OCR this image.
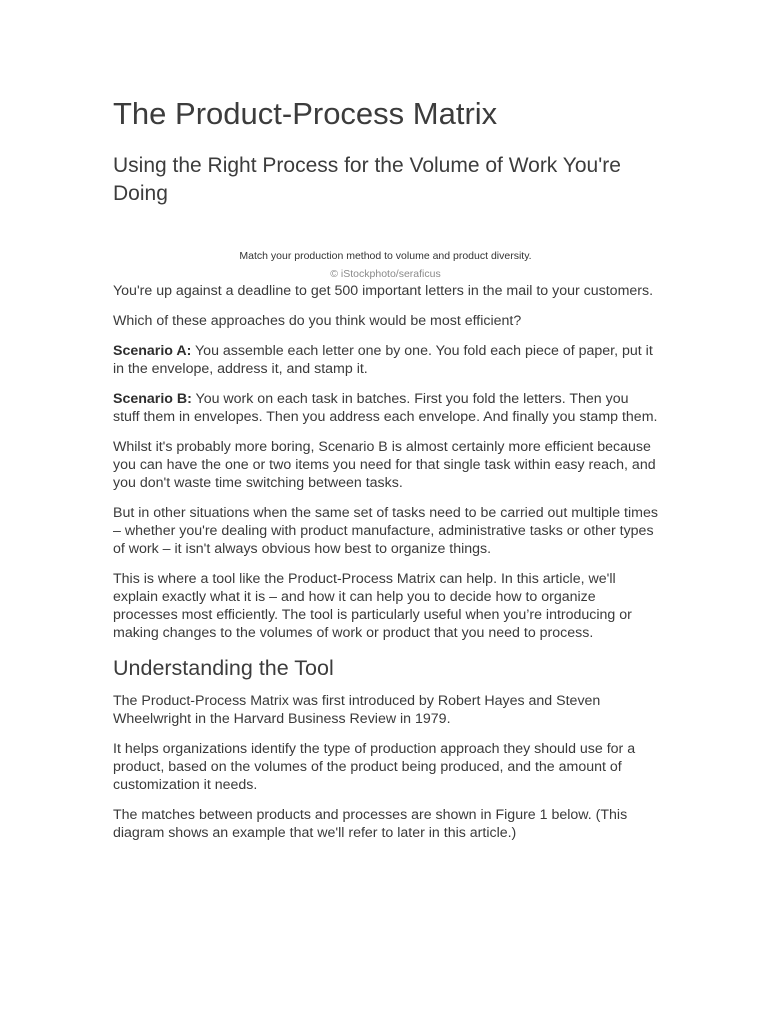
The Product-Process Matrix
Using the Right Process for the Volume of Work You're Doing
Match your production method to volume and product diversity.
© iStockphoto/seraficus

You're up against a deadline to get 500 important letters in the mail to your customers.

Which of these approaches do you think would be most efficient?

Scenario A: You assemble each letter one by one. You fold each piece of paper, put it in the envelope, address it, and stamp it.

Scenario B: You work on each task in batches. First you fold the letters. Then you stuff them in envelopes. Then you address each envelope. And finally you stamp them.

Whilst it's probably more boring, Scenario B is almost certainly more efficient because you can have the one or two items you need for that single task within easy reach, and you don't waste time switching between tasks.

But in other situations when the same set of tasks need to be carried out multiple times – whether you're dealing with product manufacture, administrative tasks or other types of work – it isn't always obvious how best to organize things.

This is where a tool like the Product-Process Matrix can help. In this article, we'll explain exactly what it is – and how it can help you to decide how to organize processes most efficiently. The tool is particularly useful when you’re introducing or making changes to the volumes of work or product that you need to process.

Understanding the Tool

The Product-Process Matrix was first introduced by Robert Hayes and Steven Wheelwright in the Harvard Business Review in 1979.

It helps organizations identify the type of production approach they should use for a product, based on the volumes of the product being produced, and the amount of customization it needs.

The matches between products and processes are shown in Figure 1 below. (This diagram shows an example that we'll refer to later in this article.)
